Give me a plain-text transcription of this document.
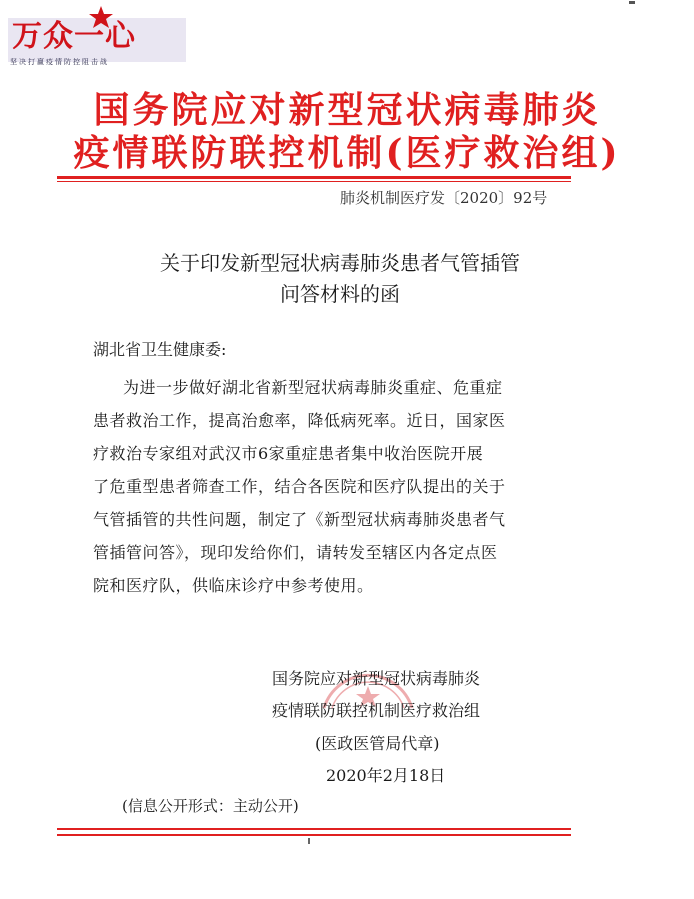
万众一心
坚决打赢疫情防控阻击战
国务院应对新型冠状病毒肺炎
疫情联防联控机制(医疗救治组)
肺炎机制医疗发〔2020〕92号
关于印发新型冠状病毒肺炎患者气管插管
问答材料的函
湖北省卫生健康委:
为进一步做好湖北省新型冠状病毒肺炎重症、危重症
患者救治工作，提高治愈率，降低病死率。近日，国家医
疗救治专家组对武汉市6家重症患者集中收治医院开展
了危重型患者筛查工作，结合各医院和医疗队提出的关于
气管插管的共性问题，制定了《新型冠状病毒肺炎患者气
管插管问答》，现印发给你们，请转发至辖区内各定点医
院和医疗队，供临床诊疗中参考使用。
国务院应对新型冠状病毒肺炎
疫情联防联控机制医疗救治组
(医政医管局代章)
2020年2月18日
(信息公开形式：主动公开)
